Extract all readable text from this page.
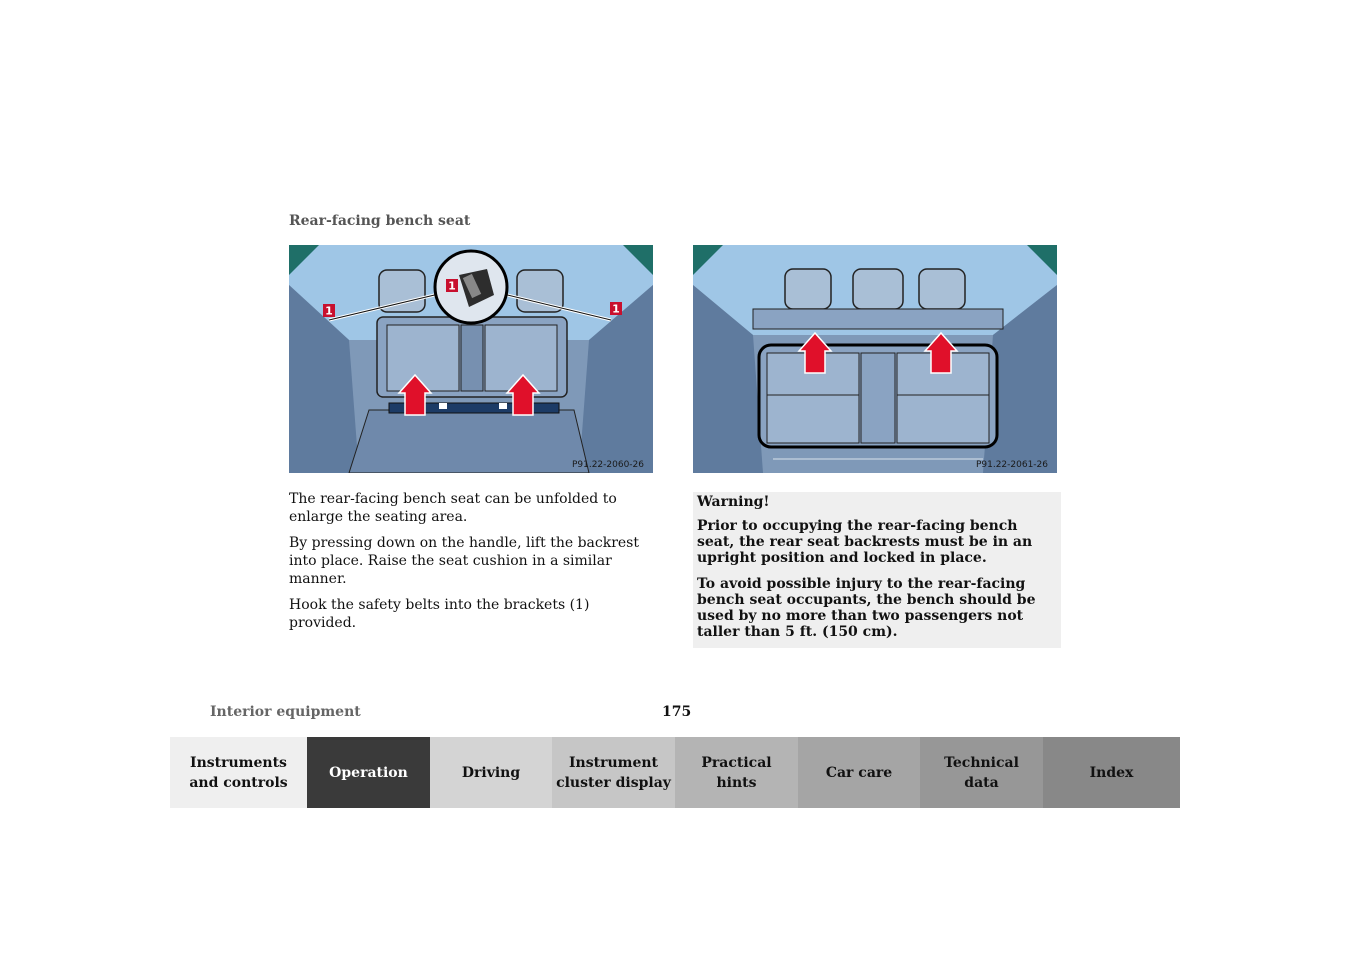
Rear-facing bench seat
1
1
1
P91.22-2060-26	P91.22-2061-26

The rear-facing bench seat can be unfolded to enlarge the seating area.

By pressing down on the handle, lift the backrest into place. Raise the seat cushion in a similar manner.

Hook the safety belts into the brackets (1) provided.

Warning!

Prior to occupying the rear-facing bench seat, the rear seat backrests must be in an upright position and locked in place.

To avoid possible injury to the rear-facing bench seat occupants, the bench should be used by no more than two passengers not taller than 5 ft. (150 cm).

Interior equipment	175
Instruments
and controls
Operation	Driving
Instrument
cluster display
Practical hints
Car care
Technical
data
Index
